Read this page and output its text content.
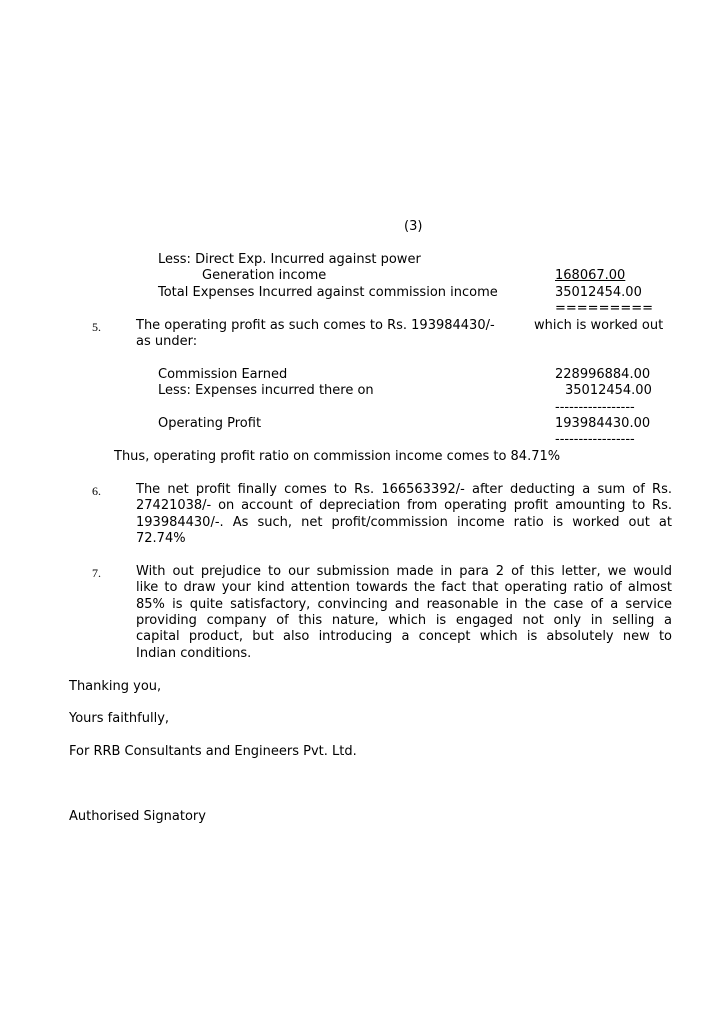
(3)
Less: Direct Exp. Incurred against power
Generation income	168067.00
Total Expenses Incurred against commission income	35012454.00
=========
5.	The operating profit as such comes to Rs. 193984430/-	which is worked out
as under:
Commission Earned	228996884.00
Less: Expenses incurred there on	35012454.00
-----------------
Operating Profit	193984430.00
-----------------
Thus, operating profit ratio on commission income comes to 84.71%
6.	The net profit finally comes to Rs. 166563392/- after deducting a sum of Rs.
27421038/- on account of depreciation from operating profit amounting to Rs.
193984430/-. As such, net profit/commission income ratio is worked out at
72.74%
7.	With out prejudice to our submission made in para 2 of this letter, we would
like to draw your kind attention towards the fact that operating ratio of almost
85% is quite satisfactory, convincing and reasonable in the case of a service
providing company of this nature, which is engaged not only in selling a
capital product, but also introducing a concept which is absolutely new to
Indian conditions.
Thanking you,
Yours faithfully,
For RRB Consultants and Engineers Pvt. Ltd.
Authorised Signatory
